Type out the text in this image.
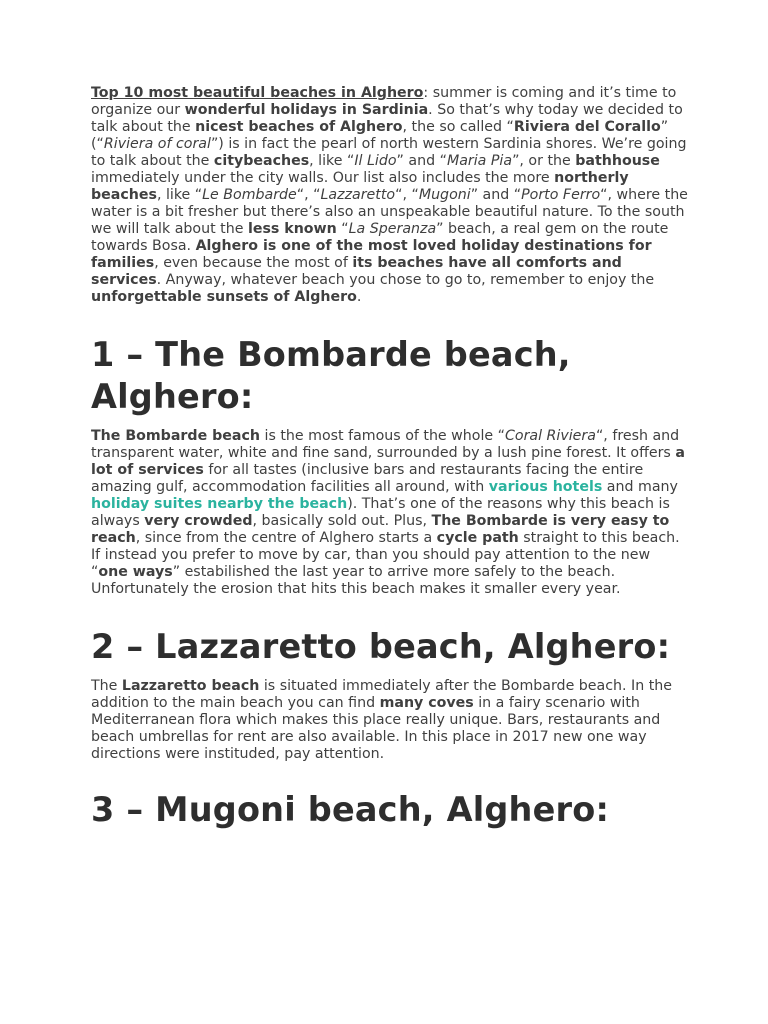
Top 10 most beautiful beaches in Alghero: summer is coming and it’s time to organize our wonderful holidays in Sardinia. So that’s why today we decided to talk about the nicest beaches of Alghero, the so called “Riviera del Corallo” (“Riviera of coral”) is in fact the pearl of north western Sardinia shores. We’re going to talk about the citybeaches, like “Il Lido” and “Maria Pia”, or the bathhouse immediately under the city walls. Our list also includes the more northerly beaches, like “Le Bombarde“, “Lazzaretto“, “Mugoni” and “Porto Ferro“, where the water is a bit fresher but there’s also an unspeakable beautiful nature. To the south we will talk about the less known “La Speranza” beach, a real gem on the route towards Bosa. Alghero is one of the most loved holiday destinations for families, even because the most of its beaches have all comforts and services. Anyway, whatever beach you chose to go to, remember to enjoy the unforgettable sunsets of Alghero.

1 – The Bombarde beach, Alghero:

The Bombarde beach is the most famous of the whole “Coral Riviera“, fresh and transparent water, white and fine sand, surrounded by a lush pine forest. It offers a lot of services for all tastes (inclusive bars and restaurants facing the entire amazing gulf, accommodation facilities all around, with various hotels and many holiday suites nearby the beach). That’s one of the reasons why this beach is always very crowded, basically sold out. Plus, The Bombarde is very easy to reach, since from the centre of Alghero starts a cycle path straight to this beach. If instead you prefer to move by car, than you should pay attention to the new “one ways” estabilished the last year to arrive more safely to the beach. Unfortunately the erosion that hits this beach makes it smaller every year.

2 – Lazzaretto beach, Alghero:

The Lazzaretto beach is situated immediately after the Bombarde beach. In the addition to the main beach you can find many coves in a fairy scenario with Mediterranean flora which makes this place really unique. Bars, restaurants and beach umbrellas for rent are also available. In this place in 2017 new one way directions were instituded, pay attention.

3 – Mugoni beach, Alghero:
